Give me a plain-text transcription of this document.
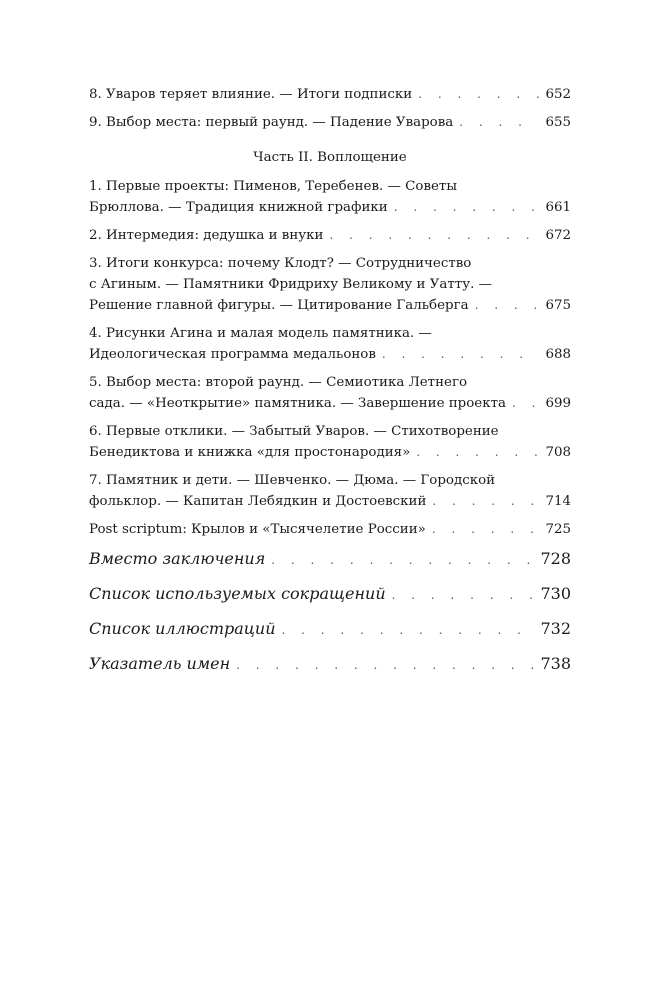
8. Уваров теряет влияние. — Итоги подписки . . .	652
9. Выбор места: первый раунд. — Падение Уварова . . .	655
Часть II. Воплощение
1. Первые проекты: Пименов, Теребенев. — Советы
Брюллова. — Традиция книжной графики . . .	661
2. Интермедия: дедушка и внуки . . .	672
3. Итоги конкурса: почему Клодт? — Сотрудничество
с Агиным. — Памятники Фридриху Великому и Уатту. —
Решение главной фигуры. — Цитирование Гальберга . . .	675
4. Рисунки Агина и малая модель памятника. —
Идеологическая программа медальонов . . .	688
5. Выбор места: второй раунд. — Семиотика Летнего
сада. — «Неоткрытие» памятника. — Завершение проекта . . .	699
6. Первые отклики. — Забытый Уваров. — Стихотворение
Бенедиктова и книжка «для простонародия» . . .	708
7. Памятник и дети. — Шевченко. — Дюма. — Городской
фольклор. — Капитан Лебядкин и Достоевский . . .	714
Post scriptum: Крылов и «Тысячелетие России» . . .	725
Вместо заключения . . .	728
Список используемых сокращений . . .	730
Список иллюстраций . . .	732
Указатель имен . . .	738
